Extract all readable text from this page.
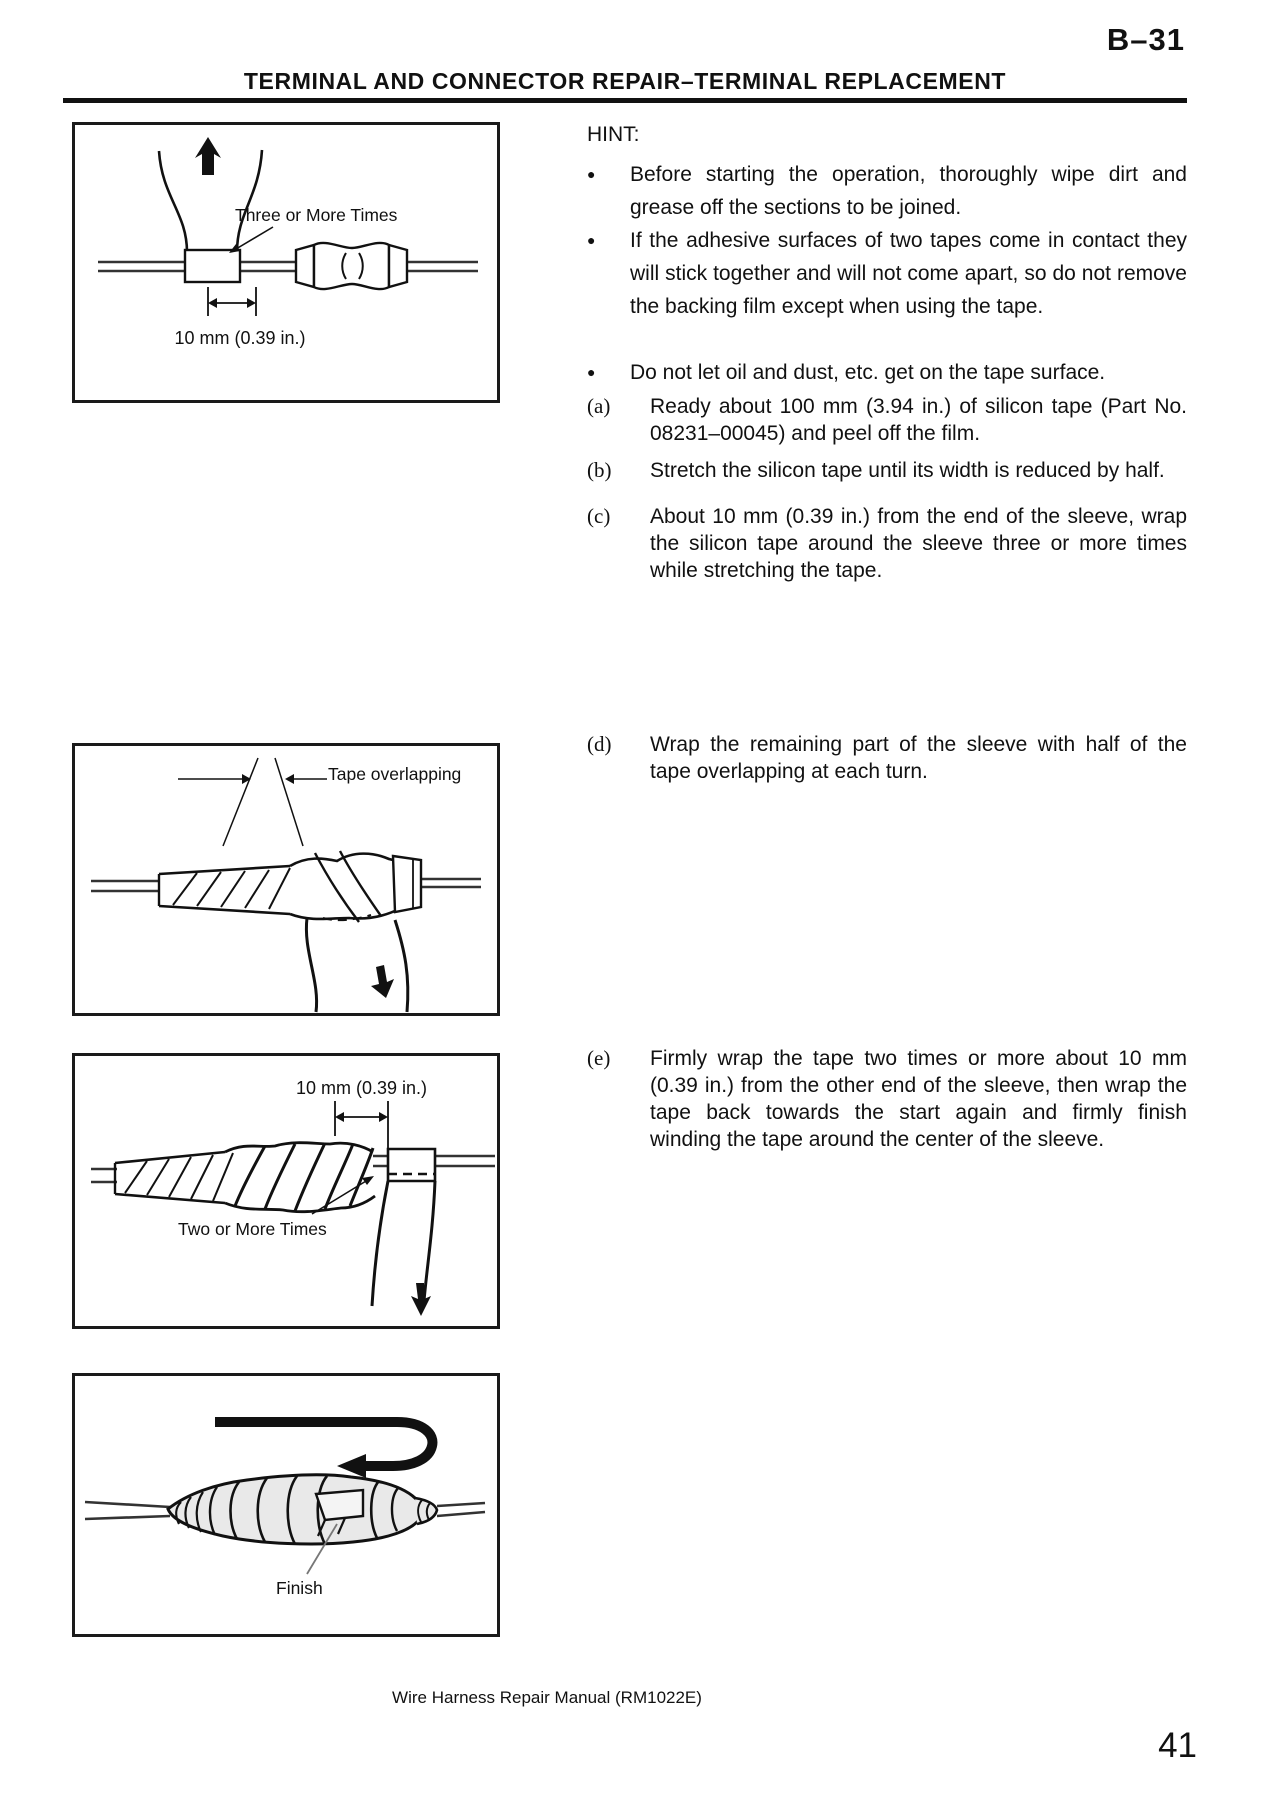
B–31
TERMINAL AND CONNECTOR REPAIR–TERMINAL REPLACEMENT
Three or More Times
10 mm (0.39 in.)
Tape overlapping
10 mm (0.39 in.)
Two or More Times
Finish
HINT:
●	Before starting the operation, thoroughly wipe dirt and grease off the sections to be joined.
●	If the adhesive surfaces of two tapes come in contact they will stick together and will not come apart, so do not remove the backing film except when using the tape.
●	Do not let oil and dust, etc. get on the tape surface.
(a)	Ready about 100 mm (3.94 in.) of silicon tape (Part No. 08231–00045) and peel off the film.
(b)	Stretch the silicon tape until its width is reduced by half.
(c)	About 10 mm (0.39 in.) from the end of the sleeve, wrap the silicon tape around the sleeve three or more times while stretching the tape.
(d)	Wrap the remaining part of the sleeve with half of the tape overlapping at each turn.
(e)	Firmly wrap the tape two times or more about 10 mm (0.39 in.) from the other end of the sleeve, then wrap the tape back towards the start again and firmly finish winding the tape around the center of the sleeve.
Wire Harness Repair Manual (RM1022E)
41
